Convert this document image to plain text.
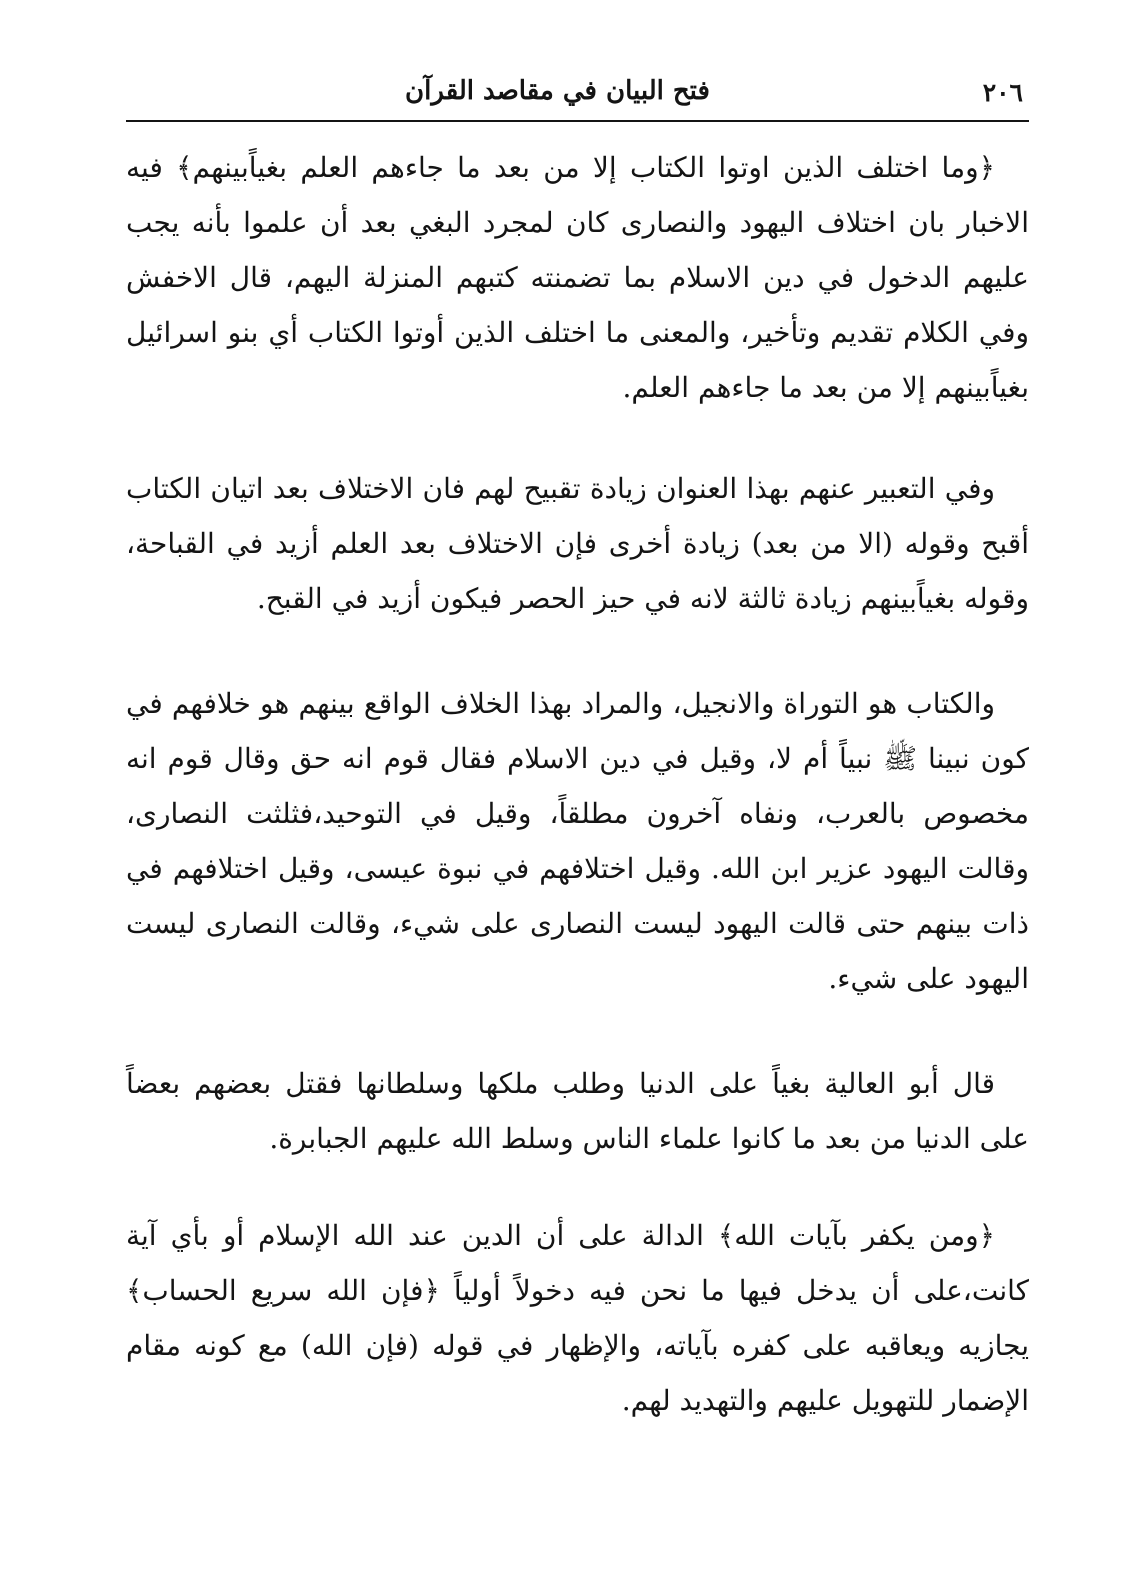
٢٠٦
فتح البيان في مقاصد القرآن

﴿وما اختلف الذين اوتوا الكتاب إلا من بعد ما جاءهم العلم بغياًبينهم﴾ فيه الاخبار بان اختلاف اليهود والنصارى كان لمجرد البغي بعد أن علموا بأنه يجب عليهم الدخول في دين الاسلام بما تضمنته كتبهم المنزلة اليهم، قال الاخفش وفي الكلام تقديم وتأخير، والمعنى ما اختلف الذين أوتوا الكتاب أي بنو اسرائيل بغياًبينهم إلا من بعد ما جاءهم العلم.

وفي التعبير عنهم بهذا العنوان زيادة تقبيح لهم فان الاختلاف بعد اتيان الكتاب أقبح وقوله (الا من بعد) زيادة أخرى فإن الاختلاف بعد العلم أزيد في القباحة، وقوله بغياًبينهم زيادة ثالثة لانه في حيز الحصر فيكون أزيد في القبح.

والكتاب هو التوراة والانجيل، والمراد بهذا الخلاف الواقع بينهم هو خلافهم في كون نبينا ﷺ نبياً أم لا، وقيل في دين الاسلام فقال قوم انه حق وقال قوم انه مخصوص بالعرب، ونفاه آخرون مطلقاً، وقيل في التوحيد،فثلثت النصارى، وقالت اليهود عزير ابن الله. وقيل اختلافهم في نبوة عيسى، وقيل اختلافهم في ذات بينهم حتى قالت اليهود ليست النصارى على شيء، وقالت النصارى ليست اليهود على شيء.

قال أبو العالية بغياً على الدنيا وطلب ملكها وسلطانها فقتل بعضهم بعضاً على الدنيا من بعد ما كانوا علماء الناس وسلط الله عليهم الجبابرة.

﴿ومن يكفر بآيات الله﴾ الدالة على أن الدين عند الله الإسلام أو بأي آية كانت،على أن يدخل فيها ما نحن فيه دخولاً أولياً ﴿فإن الله سريع الحساب﴾ يجازيه ويعاقبه على كفره بآياته، والإظهار في قوله (فإن الله) مع كونه مقام الإضمار للتهويل عليهم والتهديد لهم.
